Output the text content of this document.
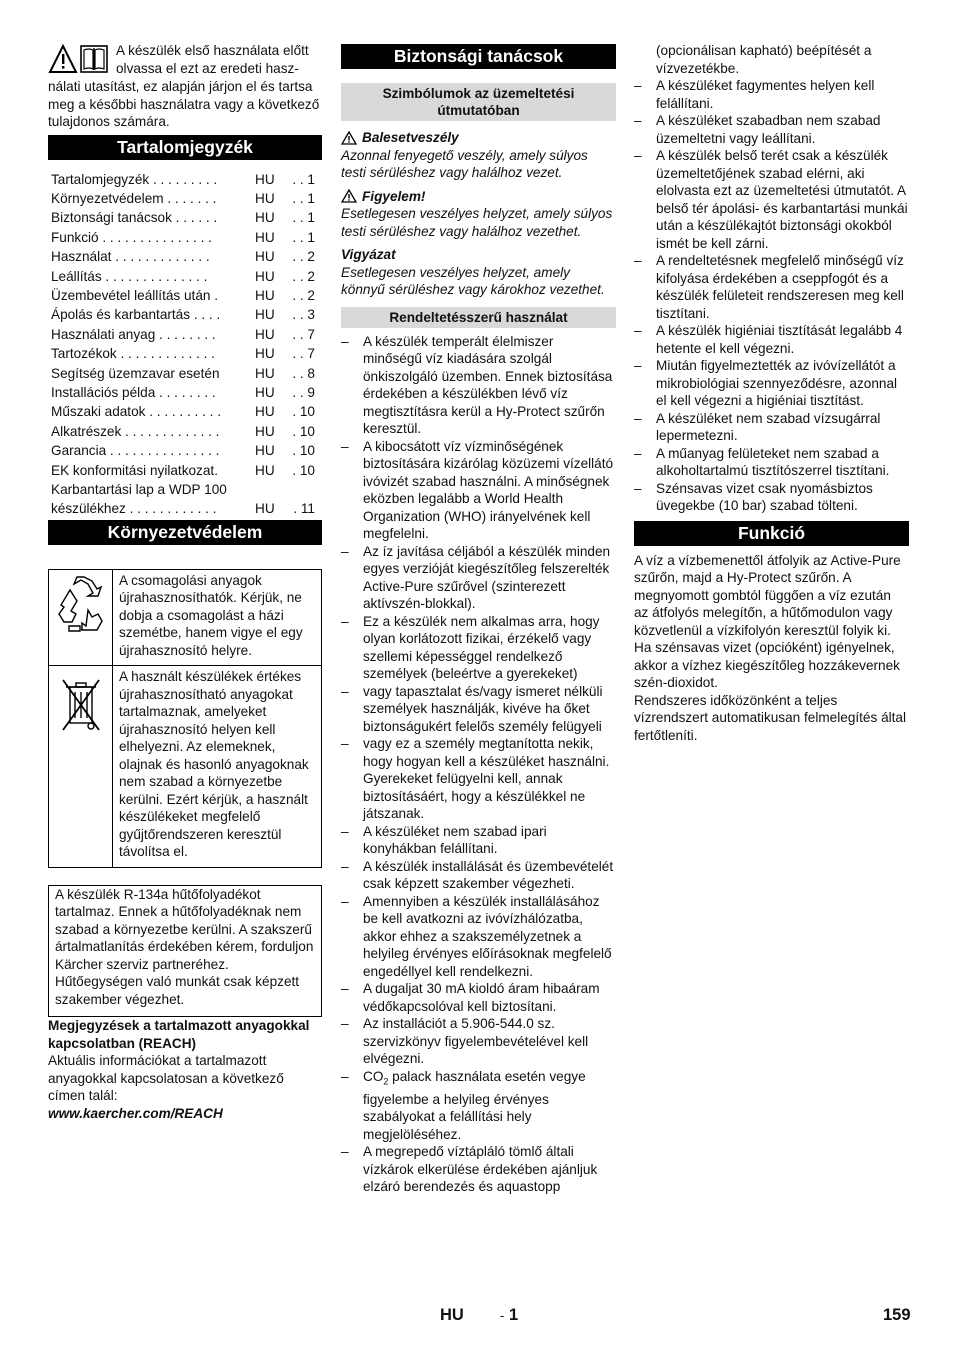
A készülék első használata előtt olvassa el ezt az eredeti hasz-

nálati utasítást, ez alapján járjon el és tartsa meg a későbbi használatra vagy a következő tulajdonos számára.

Tartalomjegyzék
Tartalomjegyzék . . . . . . . . .	HU	. . 1
Környezetvédelem . . . . . . .	HU	. . 1
Biztonsági tanácsok . . . . . .	HU	. . 1
Funkció . . . . . . . . . . . . . . .	HU	. . 1
Használat . . . . . . . . . . . . .	HU	. . 2
Leállítás . . . . . . . . . . . . . .	HU	. . 2
Üzembevétel leállítás után .	HU	. . 2
Ápolás és karbantartás . . . .	HU	. . 3
Használati anyag . . . . . . . .	HU	. . 7
Tartozékok . . . . . . . . . . . . .	HU	. . 7
Segítség üzemzavar esetén	HU	. . 8
Installációs példa . . . . . . . .	HU	. . 9
Műszaki adatok . . . . . . . . . .	HU	. 10
Alkatrészek . . . . . . . . . . . . .	HU	. 10
Garancia . . . . . . . . . . . . . . .	HU	. 10
EK konformitási nyilatkozat.	HU	. 10
Karbantartási lap a WDP 100 készülékhez . . . . . . . . . . . .	HU	. 11
Környezetvédelem
A csomagolási anyagok újrahasznosíthatók. Kérjük, ne dobja a csomagolást a házi szemétbe, hanem vigye el egy újrahasznosító helyre.
A használt készülékek értékes újrahasznosítható anyagokat tartalmaznak, amelyeket újrahasznosító helyen kell elhelyezni. Az elemeknek, olajnak és hasonló anyagoknak nem szabad a környezetbe kerülni. Ezért kérjük, a használt készülékeket megfelelő gyűjtőrendszeren keresztül távolítsa el.
A készülék R-134a hűtőfolyadékot tartalmaz. Ennek a hűtőfolyadéknak nem szabad a környezetbe kerülni. A szakszerű ártalmatlanítás érdekében kérem, forduljon Kärcher szerviz partneréhez. Hűtőegységen való munkát csak képzett szakember végezhet.

Megjegyzések a tartalmazott anyagokkal kapcsolatban (REACH)

Aktuális információkat a tartalmazott anyagokkal kapcsolatosan a következő címen talál:

www.kaercher.com/REACH

Biztonsági tanácsok
Szimbólumok az üzemeltetési útmutatóban
Balesetveszély

Azonnal fenyegető veszély, amely súlyos testi sérüléshez vagy halálhoz vezet.

Figyelem!

Esetlegesen veszélyes helyzet, amely súlyos testi sérüléshez vagy halálhoz vezethet.

Vigyázat

Esetlegesen veszélyes helyzet, amely könnyű sérüléshez vagy károkhoz vezethet.

Rendeltetésszerű használat
– A készülék temperált élelmiszer minőségű víz kiadására szolgál önkiszolgáló üzemben. Ennek biztosítása érdekében a készülékben lévő víz megtisztításra kerül a Hy-Protect szűrőn keresztül.
– A kibocsátott víz vízminőségének biztosítására kizárólag közüzemi vízellátó ivóvizét szabad használni. A minőségnek eközben legalább a World Health Organization (WHO) irányelvének kell megfelelni.
– Az íz javítása céljából a készülék minden egyes verzióját kiegészítőleg felszerelték Active-Pure szűrővel (szinterezett aktívszén-blokkal).
– Ez a készülék nem alkalmas arra, hogy olyan korlátozott fizikai, érzékelő vagy szellemi képességgel rendelkező személyek (beleértve a gyerekeket)
– vagy tapasztalat és/vagy ismeret nélküli személyek használják, kivéve ha őket biztonságukért felelős személy felügyeli
– vagy ez a személy megtanította nekik, hogy hogyan kell a készüléket használni. Gyerekeket felügyelni kell, annak biztosításáért, hogy a készülékkel ne játszanak.
– A készüléket nem szabad ipari konyhákban felállítani.
– A készülék installálását és üzembevételét csak képzett szakember végezheti.
– Amennyiben a készülék installálásához be kell avatkozni az ivóvízhálózatba, akkor ehhez a szakszemélyzetnek a helyileg érvényes előírásoknak megfelelő engedéllyel kell rendelkezni.
– A dugaljat 30 mA kioldó áram hibaáram védőkapcsolóval kell biztosítani.
– Az installációt a 5.906-544.0 sz. szervizkönyv figyelembevételével kell elvégezni.
– $CO_2$ palack használata esetén vegye figyelembe a helyileg érvényes szabályokat a felállítási hely megjelöléséhez.
– A megrepedő víztápláló tömlő általi vízkárok elkerülése érdekében ajánljuk elzáró berendezés és aquastopp

(opcionálisan kapható) beépítését a vízvezetékbe.

– A készüléket fagymentes helyen kell felállítani.
– A készüléket szabadban nem szabad üzemeltetni vagy leállítani.
– A készülék belső terét csak a készülék üzemeltetőjének szabad elérni, aki elolvasta ezt az üzemeltetési útmutatót. A belső tér ápolási- és karbantartási munkái után a készülékajtót biztonsági okokból ismét be kell zárni.
– A rendeltetésnek megfelelő minőségű víz kifolyása érdekében a cseppfogót és a készülék felületeit rendszeresen meg kell tisztítani.
– A készülék higiéniai tisztítását legalább 4 hetente el kell végezni.
– Miután figyelmeztették az ivóvízellátót a mikrobiológiai szennyeződésre, azonnal el kell végezni a higiéniai tisztítást.
– A készüléket nem szabad vízsugárral lepermetezni.
– A műanyag felületeket nem szabad a alkoholtartalmú tisztítószerrel tisztítani.
– Szénsavas vizet csak nyomásbiztos üvegekbe (10 bar) szabad tölteni.
Funkció

A víz a vízbemenettől átfolyik az Active-Pure szűrőn, majd a Hy-Protect szűrőn. A megnyomott gombtól függően a víz ezután az átfolyós melegítőn, a hűtőmodulon vagy közvetlenül a vízkifolyón keresztül folyik ki. Ha szénsavas vizet (opcióként) igényelnek, akkor a vízhez kiegészítőleg hozzákevernek szén-dioxidot.

Rendszeres időközönként a teljes vízrendszert automatikusan felmelegítés által fertőtleníti.

HU	- 1	159
